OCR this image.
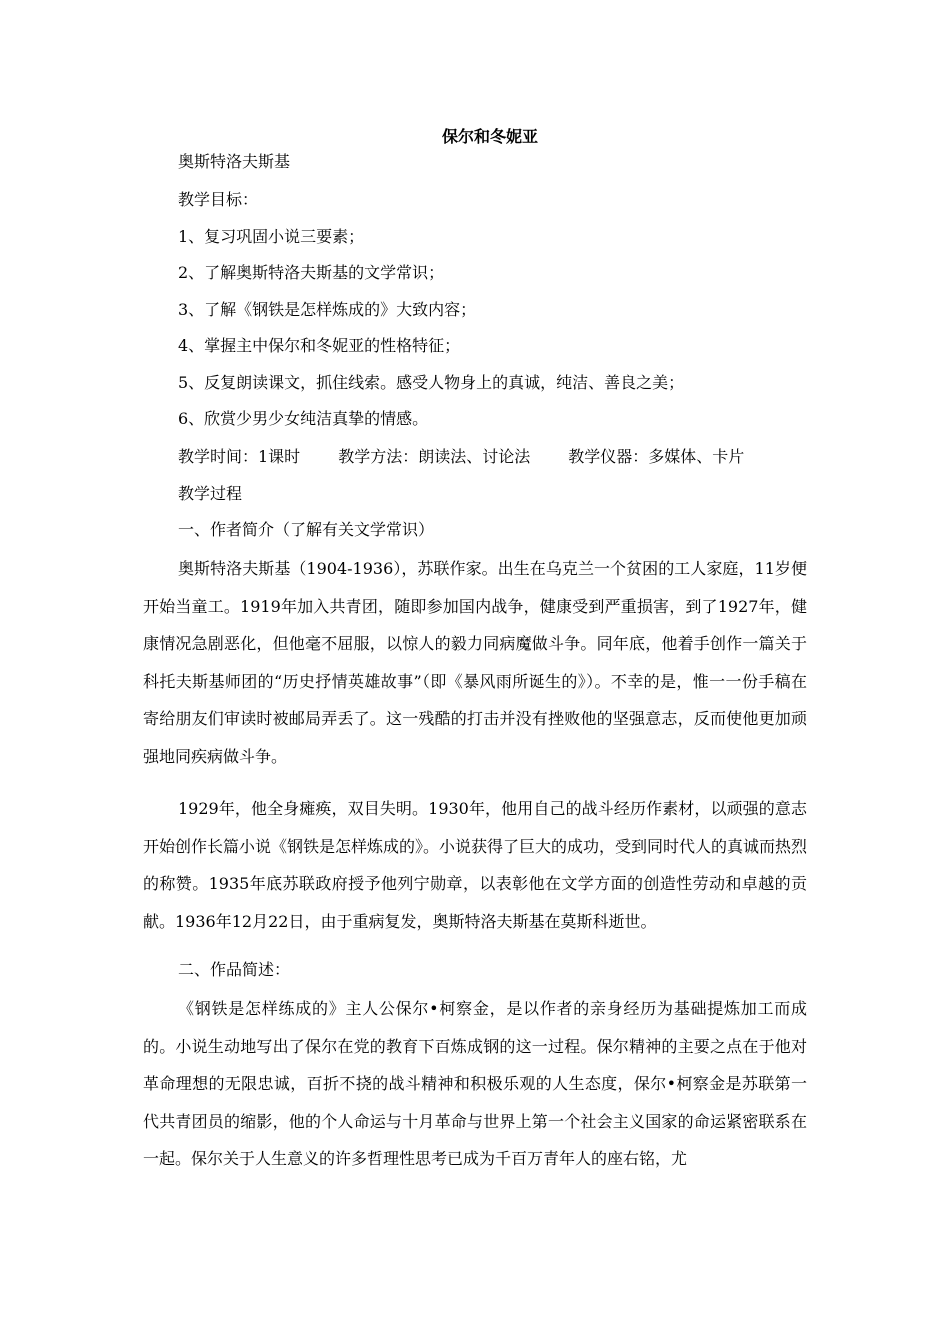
保尔和冬妮亚
奥斯特洛夫斯基
教学目标：
1、复习巩固小说三要素；
2、了解奥斯特洛夫斯基的文学常识；
3、了解《钢铁是怎样炼成的》大致内容；
4、掌握主中保尔和冬妮亚的性格特征；
5、反复朗读课文，抓住线索。感受人物身上的真诚，纯洁、善良之美；
6、欣赏少男少女纯洁真挚的情感。
教学时间：1课时 教学方法：朗读法、讨论法 教学仪器：多媒体、卡片
教学过程
一、作者简介（了解有关文学常识）
奥斯特洛夫斯基（1904-1936），苏联作家。出生在乌克兰一个贫困的工人家庭，11岁便开始当童工。1919年加入共青团，随即参加国内战争，健康受到严重损害，到了1927年，健康情况急剧恶化，但他毫不屈服，以惊人的毅力同病魔做斗争。同年底，他着手创作一篇关于科托夫斯基师团的“历史抒情英雄故事”（即《暴风雨所诞生的》）。不幸的是，惟一一份手稿在寄给朋友们审读时被邮局弄丢了。这一残酷的打击并没有挫败他的坚强意志，反而使他更加顽强地同疾病做斗争。
1929年，他全身瘫痪，双目失明。1930年，他用自己的战斗经历作素材，以顽强的意志开始创作长篇小说《钢铁是怎样炼成的》。小说获得了巨大的成功，受到同时代人的真诚而热烈的称赞。1935年底苏联政府授予他列宁勋章，以表彰他在文学方面的创造性劳动和卓越的贡献。1936年12月22日，由于重病复发，奥斯特洛夫斯基在莫斯科逝世。
二、作品简述：
《钢铁是怎样练成的》主人公保尔•柯察金，是以作者的亲身经历为基础提炼加工而成的。小说生动地写出了保尔在党的教育下百炼成钢的这一过程。保尔精神的主要之点在于他对革命理想的无限忠诚，百折不挠的战斗精神和积极乐观的人生态度，保尔•柯察金是苏联第一代共青团员的缩影，他的个人命运与十月革命与世界上第一个社会主义国家的命运紧密联系在一起。保尔关于人生意义的许多哲理性思考已成为千百万青年人的座右铭，尤
